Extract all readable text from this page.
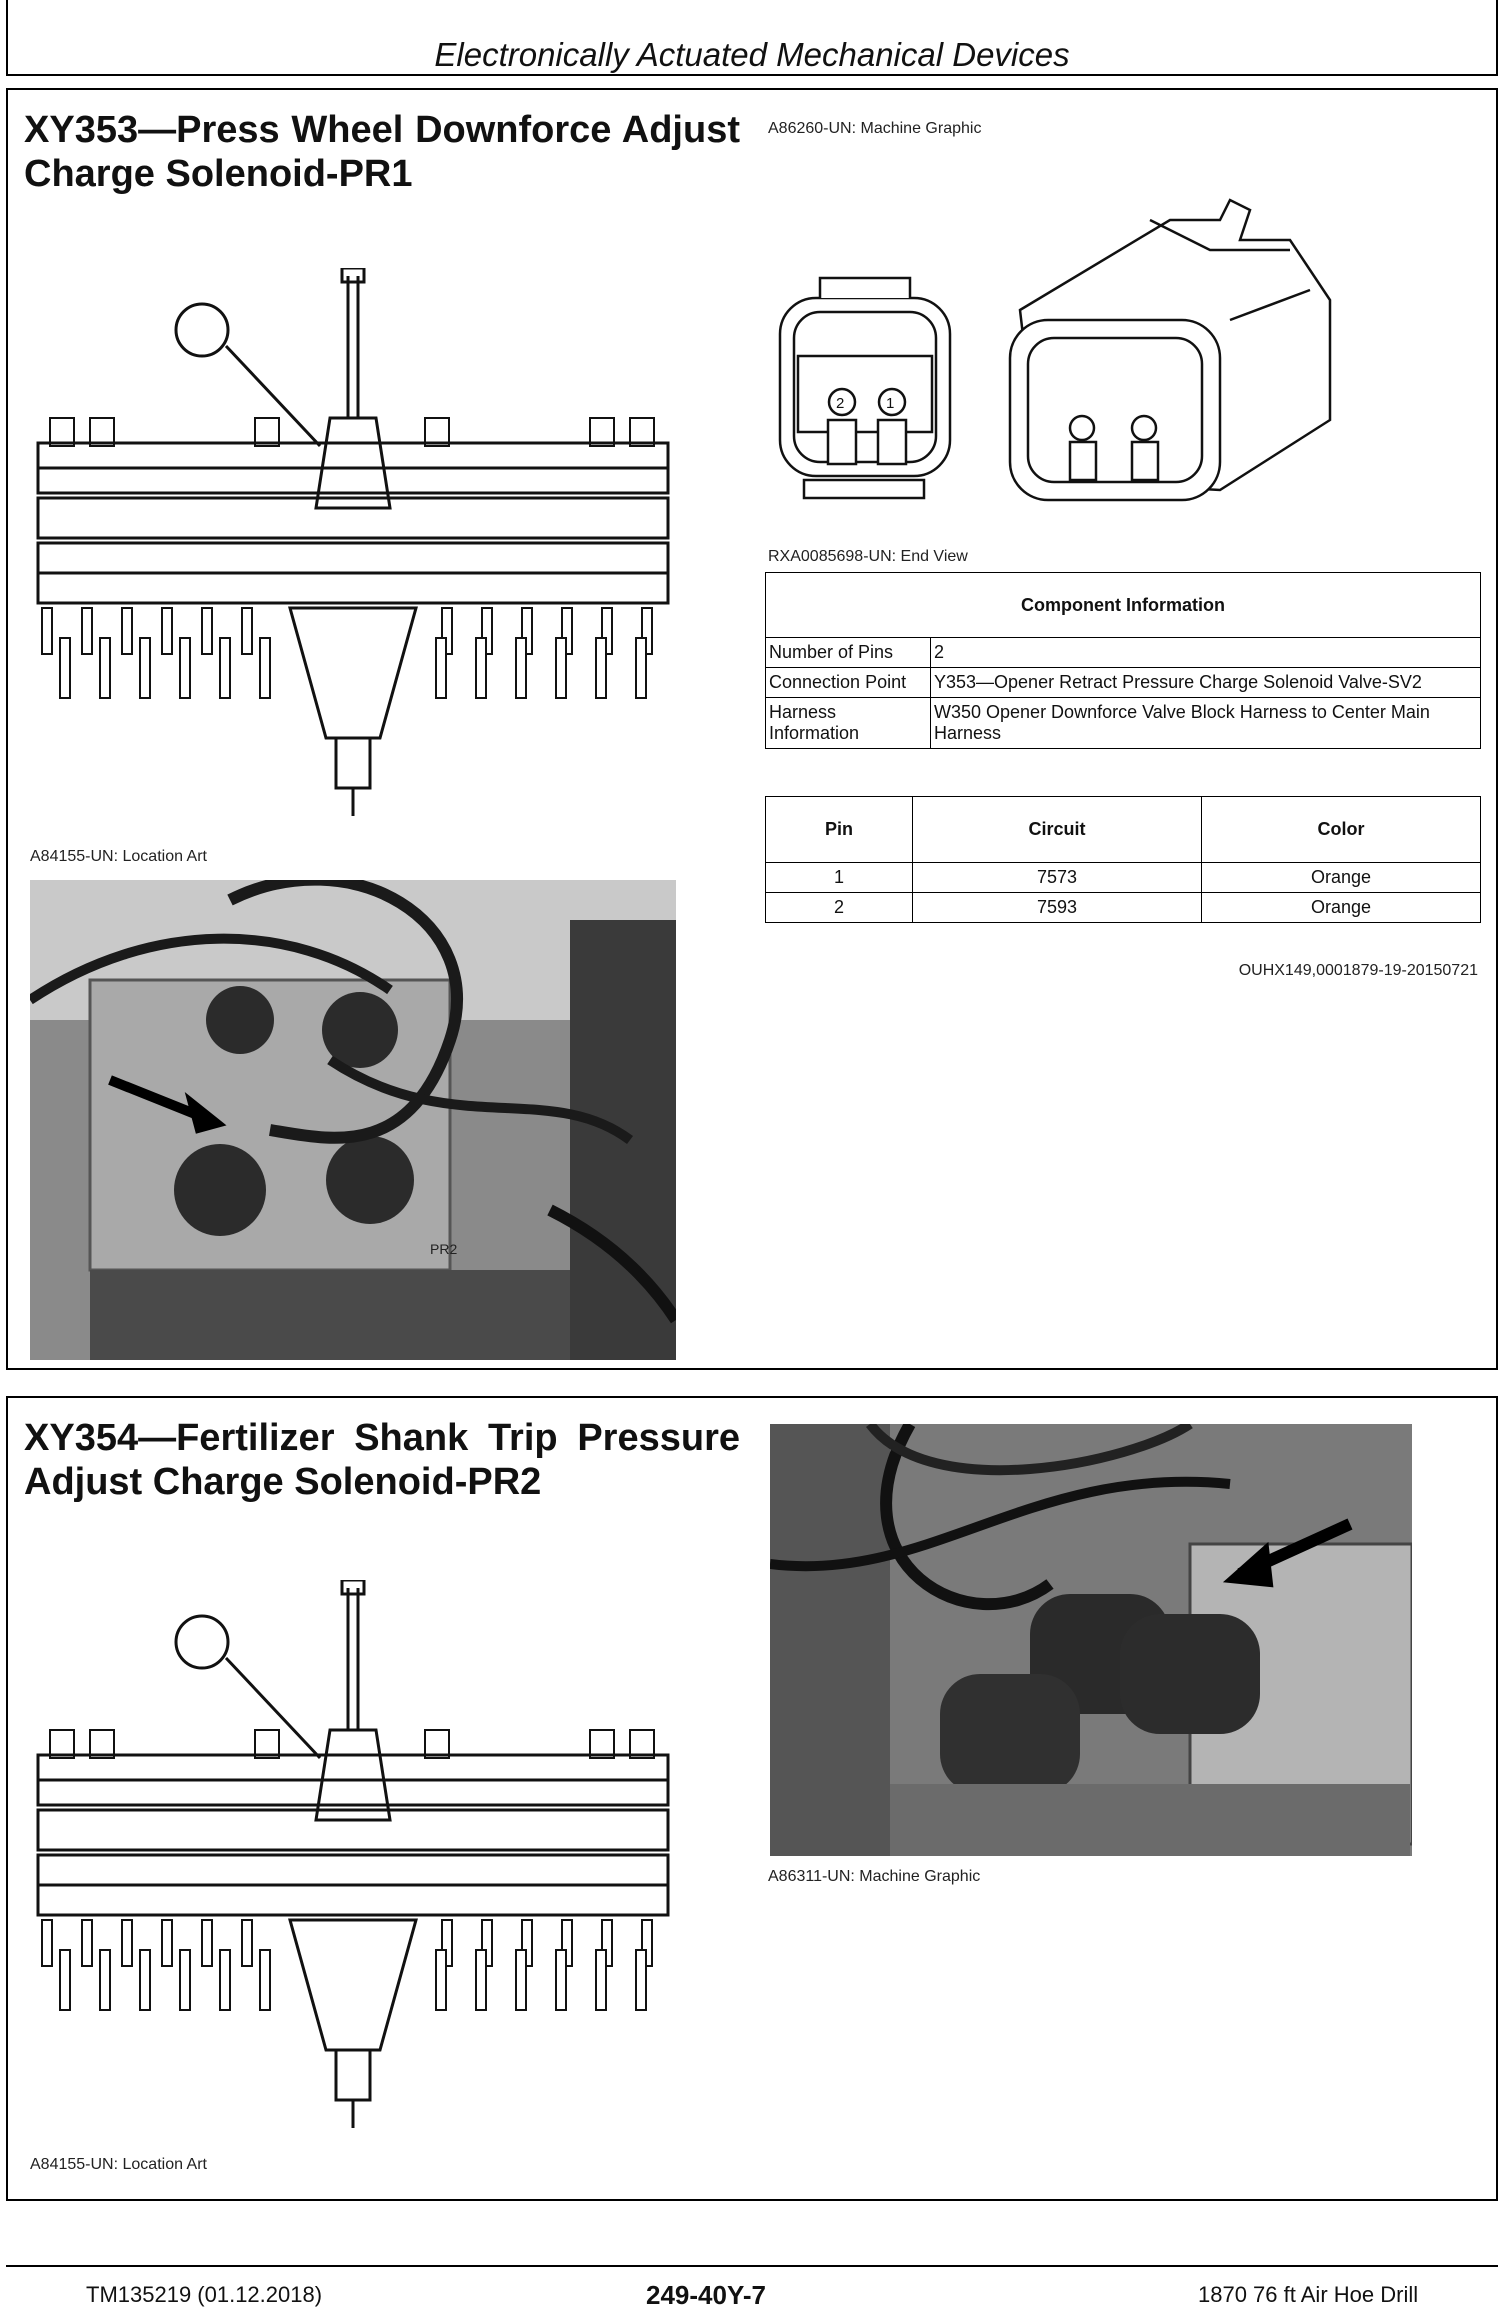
Electronically Actuated Mechanical Devices
XY353—Press Wheel Downforce Adjust Charge Solenoid-PR1
A86260-UN: Machine Graphic
A84155-UN: Location Art
2	1
RXA0085698-UN: End View
Component Information	
Number of Pins	2
Connection Point	Y353—Opener Retract Pressure Charge Solenoid Valve-SV2
Harness Information	W350 Opener Downforce Valve Block Harness to Center Main Harness
Pin	Circuit	Color
1	7573	Orange
2	7593	Orange
OUHX149,0001879-19-20150721
PR2
XY354—Fertilizer Shank Trip Pressure Adjust Charge Solenoid-PR2
A86311-UN: Machine Graphic
A84155-UN: Location Art
TM135219 (01.12.2018)	249-40Y-7	1870 76 ft Air Hoe Drill
